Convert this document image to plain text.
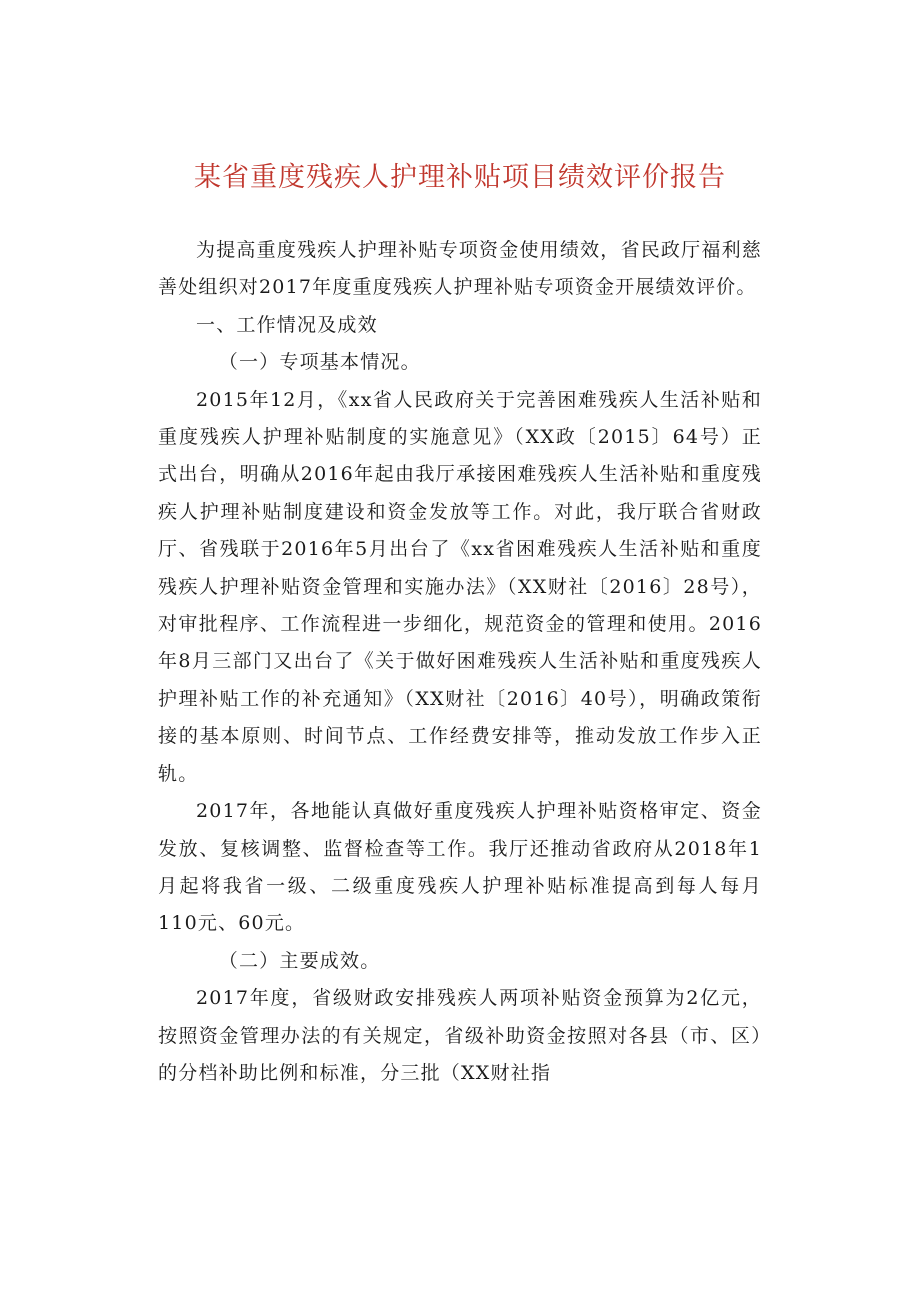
某省重度残疾人护理补贴项目绩效评价报告

为提高重度残疾人护理补贴专项资金使用绩效，省民政厅福利慈善处组织对2017年度重度残疾人护理补贴专项资金开展绩效评价。

一、工作情况及成效

（一）专项基本情况。

2015年12月，《xx省人民政府关于完善困难残疾人生活补贴和重度残疾人护理补贴制度的实施意见》（XX政〔2015〕64号）正式出台，明确从2016年起由我厅承接困难残疾人生活补贴和重度残疾人护理补贴制度建设和资金发放等工作。对此，我厅联合省财政厅、省残联于2016年5月出台了《xx省困难残疾人生活补贴和重度残疾人护理补贴资金管理和实施办法》（XX财社〔2016〕28号），对审批程序、工作流程进一步细化，规范资金的管理和使用。2016年8月三部门又出台了《关于做好困难残疾人生活补贴和重度残疾人护理补贴工作的补充通知》（XX财社〔2016〕40号），明确政策衔接的基本原则、时间节点、工作经费安排等，推动发放工作步入正轨。

2017年，各地能认真做好重度残疾人护理补贴资格审定、资金发放、复核调整、监督检查等工作。我厅还推动省政府从2018年1月起将我省一级、二级重度残疾人护理补贴标准提高到每人每月110元、60元。

（二）主要成效。

2017年度，省级财政安排残疾人两项补贴资金预算为2亿元，按照资金管理办法的有关规定，省级补助资金按照对各县（市、区）的分档补助比例和标准，分三批（XX财社指
